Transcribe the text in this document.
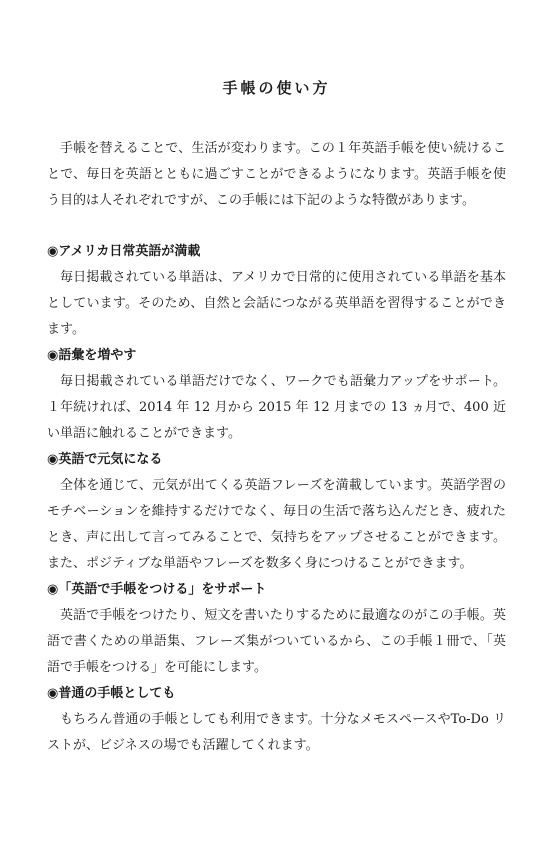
手帳の使い方

手帳を替えることで、生活が変わります。この１年英語手帳を使い続けることで、毎日を英語とともに過ごすことができるようになります。英語手帳を使う目的は人それぞれですが、この手帳には下記のような特徴があります。

◉アメリカ日常英語が満載

毎日掲載されている単語は、アメリカで日常的に使用されている単語を基本としています。そのため、自然と会話につながる英単語を習得することができます。

◉語彙を増やす

毎日掲載されている単語だけでなく、ワークでも語彙力アップをサポート。１年続ければ、2014 年 12 月から 2015 年 12 月までの 13 ヵ月で、400 近い単語に触れることができます。

◉英語で元気になる

全体を通じて、元気が出てくる英語フレーズを満載しています。英語学習のモチベーションを維持するだけでなく、毎日の生活で落ち込んだとき、疲れたとき、声に出して言ってみることで、気持ちをアップさせることができます。また、ポジティブな単語やフレーズを数多く身につけることができます。

◉「英語で手帳をつける」をサポート

英語で手帳をつけたり、短文を書いたりするために最適なのがこの手帳。英語で書くための単語集、フレーズ集がついているから、この手帳１冊で、「英語で手帳をつける」を可能にします。

◉普通の手帳としても

もちろん普通の手帳としても利用できます。十分なメモスペースやTo-Do リストが、ビジネスの場でも活躍してくれます。
